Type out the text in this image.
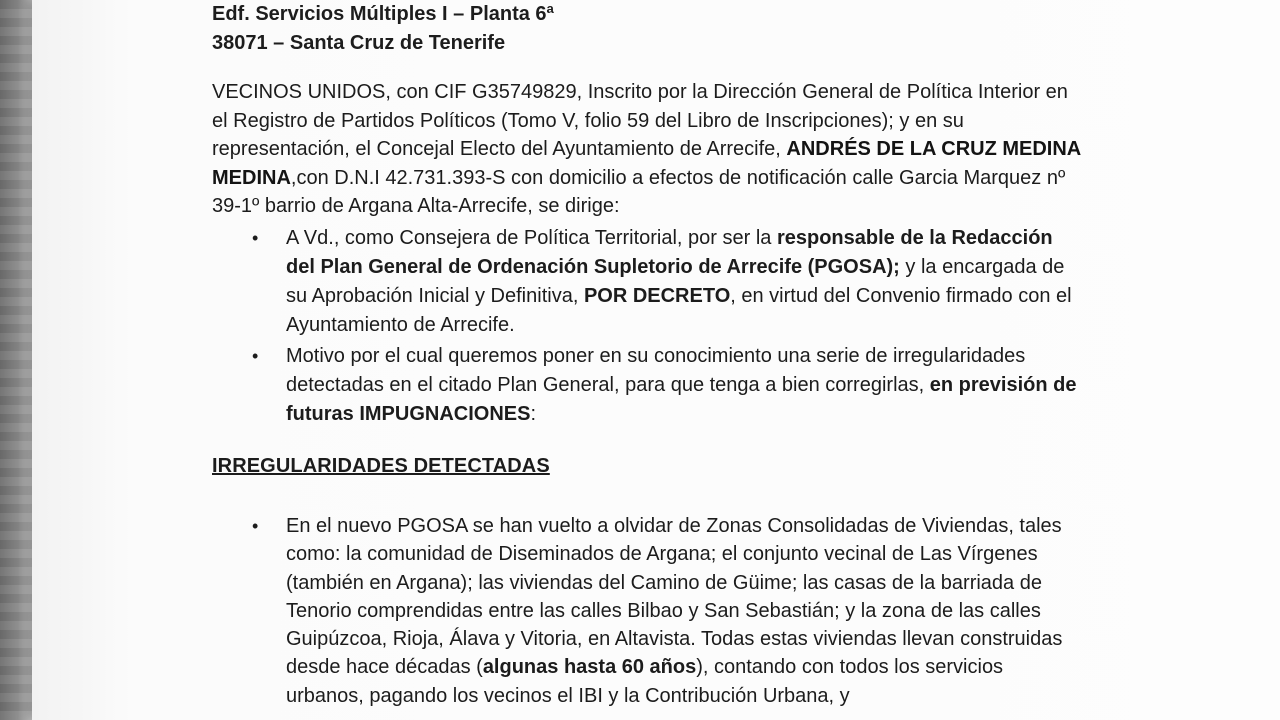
Edf. Servicios Múltiples I – Planta 6ª
38071 – Santa Cruz de Tenerife
VECINOS UNIDOS, con CIF G35749829, Inscrito por la Dirección General de Política Interior en el Registro de Partidos Políticos (Tomo V, folio 59 del Libro de Inscripciones); y en su representación, el Concejal Electo del Ayuntamiento de Arrecife, ANDRÉS DE LA CRUZ MEDINA MEDINA,con D.N.I 42.731.393-S con domicilio a efectos de notificación calle Garcia Marquez nº 39-1º barrio de Argana Alta-Arrecife, se dirige:
• A Vd., como Consejera de Política Territorial, por ser la responsable de la Redacción del Plan General de Ordenación Supletorio de Arrecife (PGOSA); y la encargada de su Aprobación Inicial y Definitiva, POR DECRETO, en virtud del Convenio firmado con el Ayuntamiento de Arrecife.
• Motivo por el cual queremos poner en su conocimiento una serie de irregularidades detectadas en el citado Plan General, para que tenga a bien corregirlas, en previsión de futuras IMPUGNACIONES:
IRREGULARIDADES DETECTADAS
• En el nuevo PGOSA se han vuelto a olvidar de Zonas Consolidadas de Viviendas, tales como: la comunidad de Diseminados de Argana; el conjunto vecinal de Las Vírgenes (también en Argana); las viviendas del Camino de Güime; las casas de la barriada de Tenorio comprendidas entre las calles Bilbao y San Sebastián; y la zona de las calles Guipúzcoa, Rioja, Álava y Vitoria, en Altavista. Todas estas viviendas llevan construidas desde hace décadas (algunas hasta 60 años), contando con todos los servicios urbanos, pagando los vecinos el IBI y la Contribución Urbana, y
